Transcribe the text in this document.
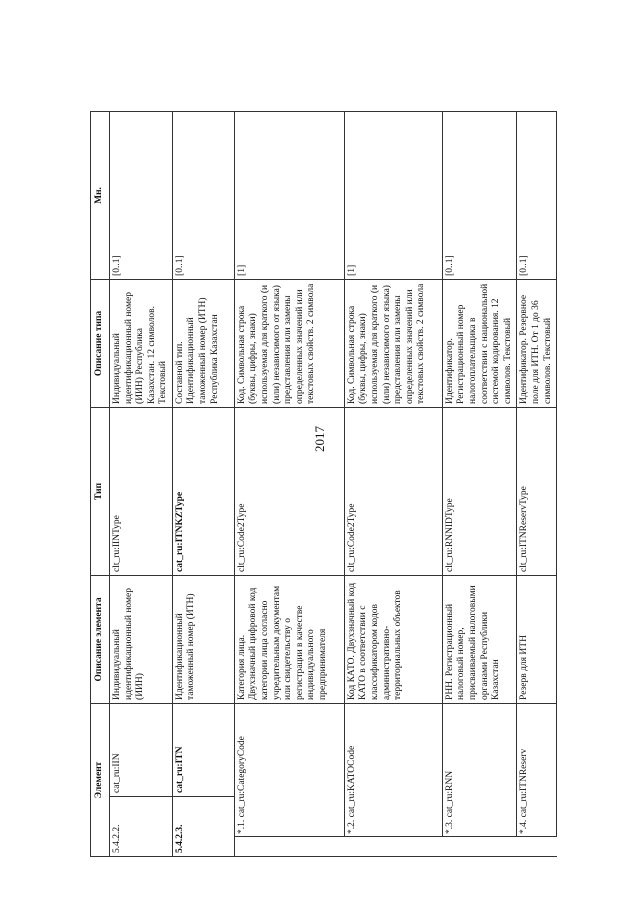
2017
Элемент			Описание элемента	Тип	Описание типа	Мн.	
5.4.2.2.		cat_ru:IIN	Индивидуальный идентификационный номер (ИИН)	clt_ru:IINType	Индивидуальный идентификационный номер (ИИН) Республика Казахстан. 12 символов. Текстовый	[0..1]	
5.4.2.3.		cat_ru:ITN	Идентификационный таможенный номер (ИТН)	cat_ru:ITNKZType	Составной тип. Идентификационный таможенный номер (ИТН) Республика Казахстан	[0..1]	
	*.1. cat_ru:CategoryCode		Категория лица. Двухзначный цифровой код категории лица согласно учредительным документам или свидетельству о регистрации в качестве индивидуального предпринимателя	clt_ru:Code2Type	Код. Символьная строка (буквы, цифры, знаки) используемая для краткого (и (или) независимого от языка) представления или замены определенных значений или текстовых свойств. 2 символа	[1]	
	*.2. cat_ru:KATOCode		Код КАТО. Двухзначный код КАТО в соответствии с классификатором кодов административно-территориальных объектов	clt_ru:Code2Type	Код. Символьная строка (буквы, цифры, знаки) используемая для краткого (и (или) независимого от языка) представления или замены определенных значений или текстовых свойств. 2 символа	[1]	
	*.3. cat_ru:RNN		РНН. Регистрационный налоговый номер, присваиваемый налоговыми органами Республики Казахстан	clt_ru:RNNIDType	Идентификатор. Регистрационный номер налогоплательщика в соответствии с национальной системой кодирования. 12 символов. Текстовый	[0..1]	
	*.4. cat_ru:ITNReserv		Резерв для ИТН	clt_ru:ITNReservType	Идентификатор. Резервное поле для ИТН. От 1 до 36 символов. Текстовый	[0..1]	
